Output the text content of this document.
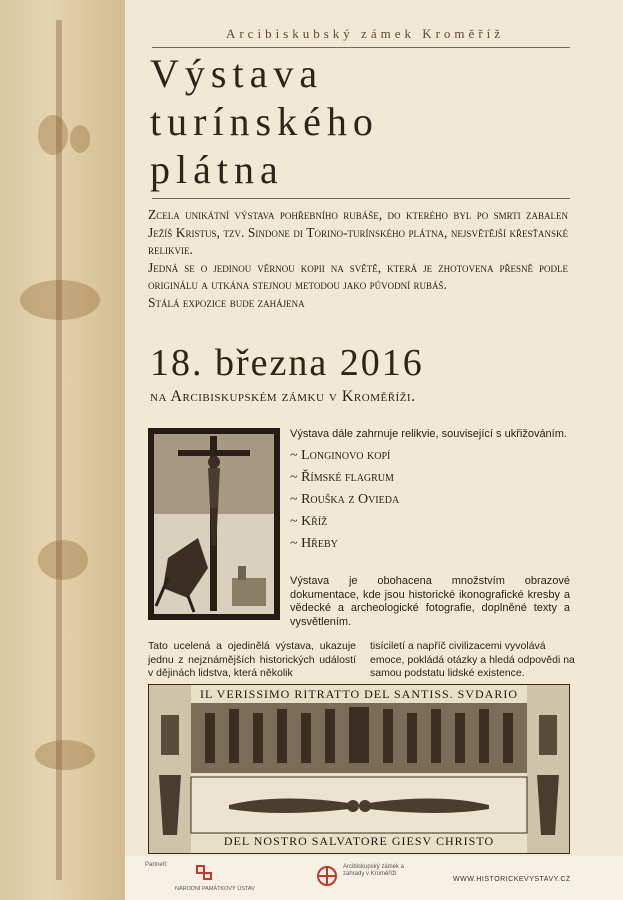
Arcibiskubský zámek Kroměříž
Výstava
turínského
plátna

Zcela unikátní výstava pohřebního rubáše, do kterého byl po smrti zabalen Ježíš Kristus, tzv. Sindone di Torino-turínského plátna, nejsvětější křesťanské relikvie.

Jedná se o jedinou věrnou kopii na světě, která je zhotovena přesně podle originálu a utkána stejnou metodou jako původní rubáš.

Stálá expozice bude zahájena

18. března 2016
na Arcibiskupském zámku v Kroměříži.

Výstava dále zahrnuje relikvie, související s ukřižováním.

~ Longinovo kopí
~ Římské flagrum
~ Rouška z Ovieda
~ Kříž
~ Hřeby
Výstava je obohacena množstvím obrazové dokumentace, kde jsou historické ikonografické kresby a vědecké a archeologické fotografie, doplněné texty a vysvětlením.
Tato ucelená a ojedinělá výstava, ukazuje jednu z nejznámějších historických událostí v dějinách lidstva, která několik
tisíciletí a napříč civilizacemi vyvolává emoce, pokládá otázky a hledá odpovědi na samou podstatu lidské existence.
IL VERISSIMO RITRATTO DEL SANTISS. SVDARIO
DEL NOSTRO SALVATORE GIESV CHRISTO
Partneři:
NÁRODNÍ PAMÁTKOVÝ ÚSTAV
Arcibiskupský zámek a zahrady v Kroměříži
WWW.HISTORICKEVYSTAVY.CZ
